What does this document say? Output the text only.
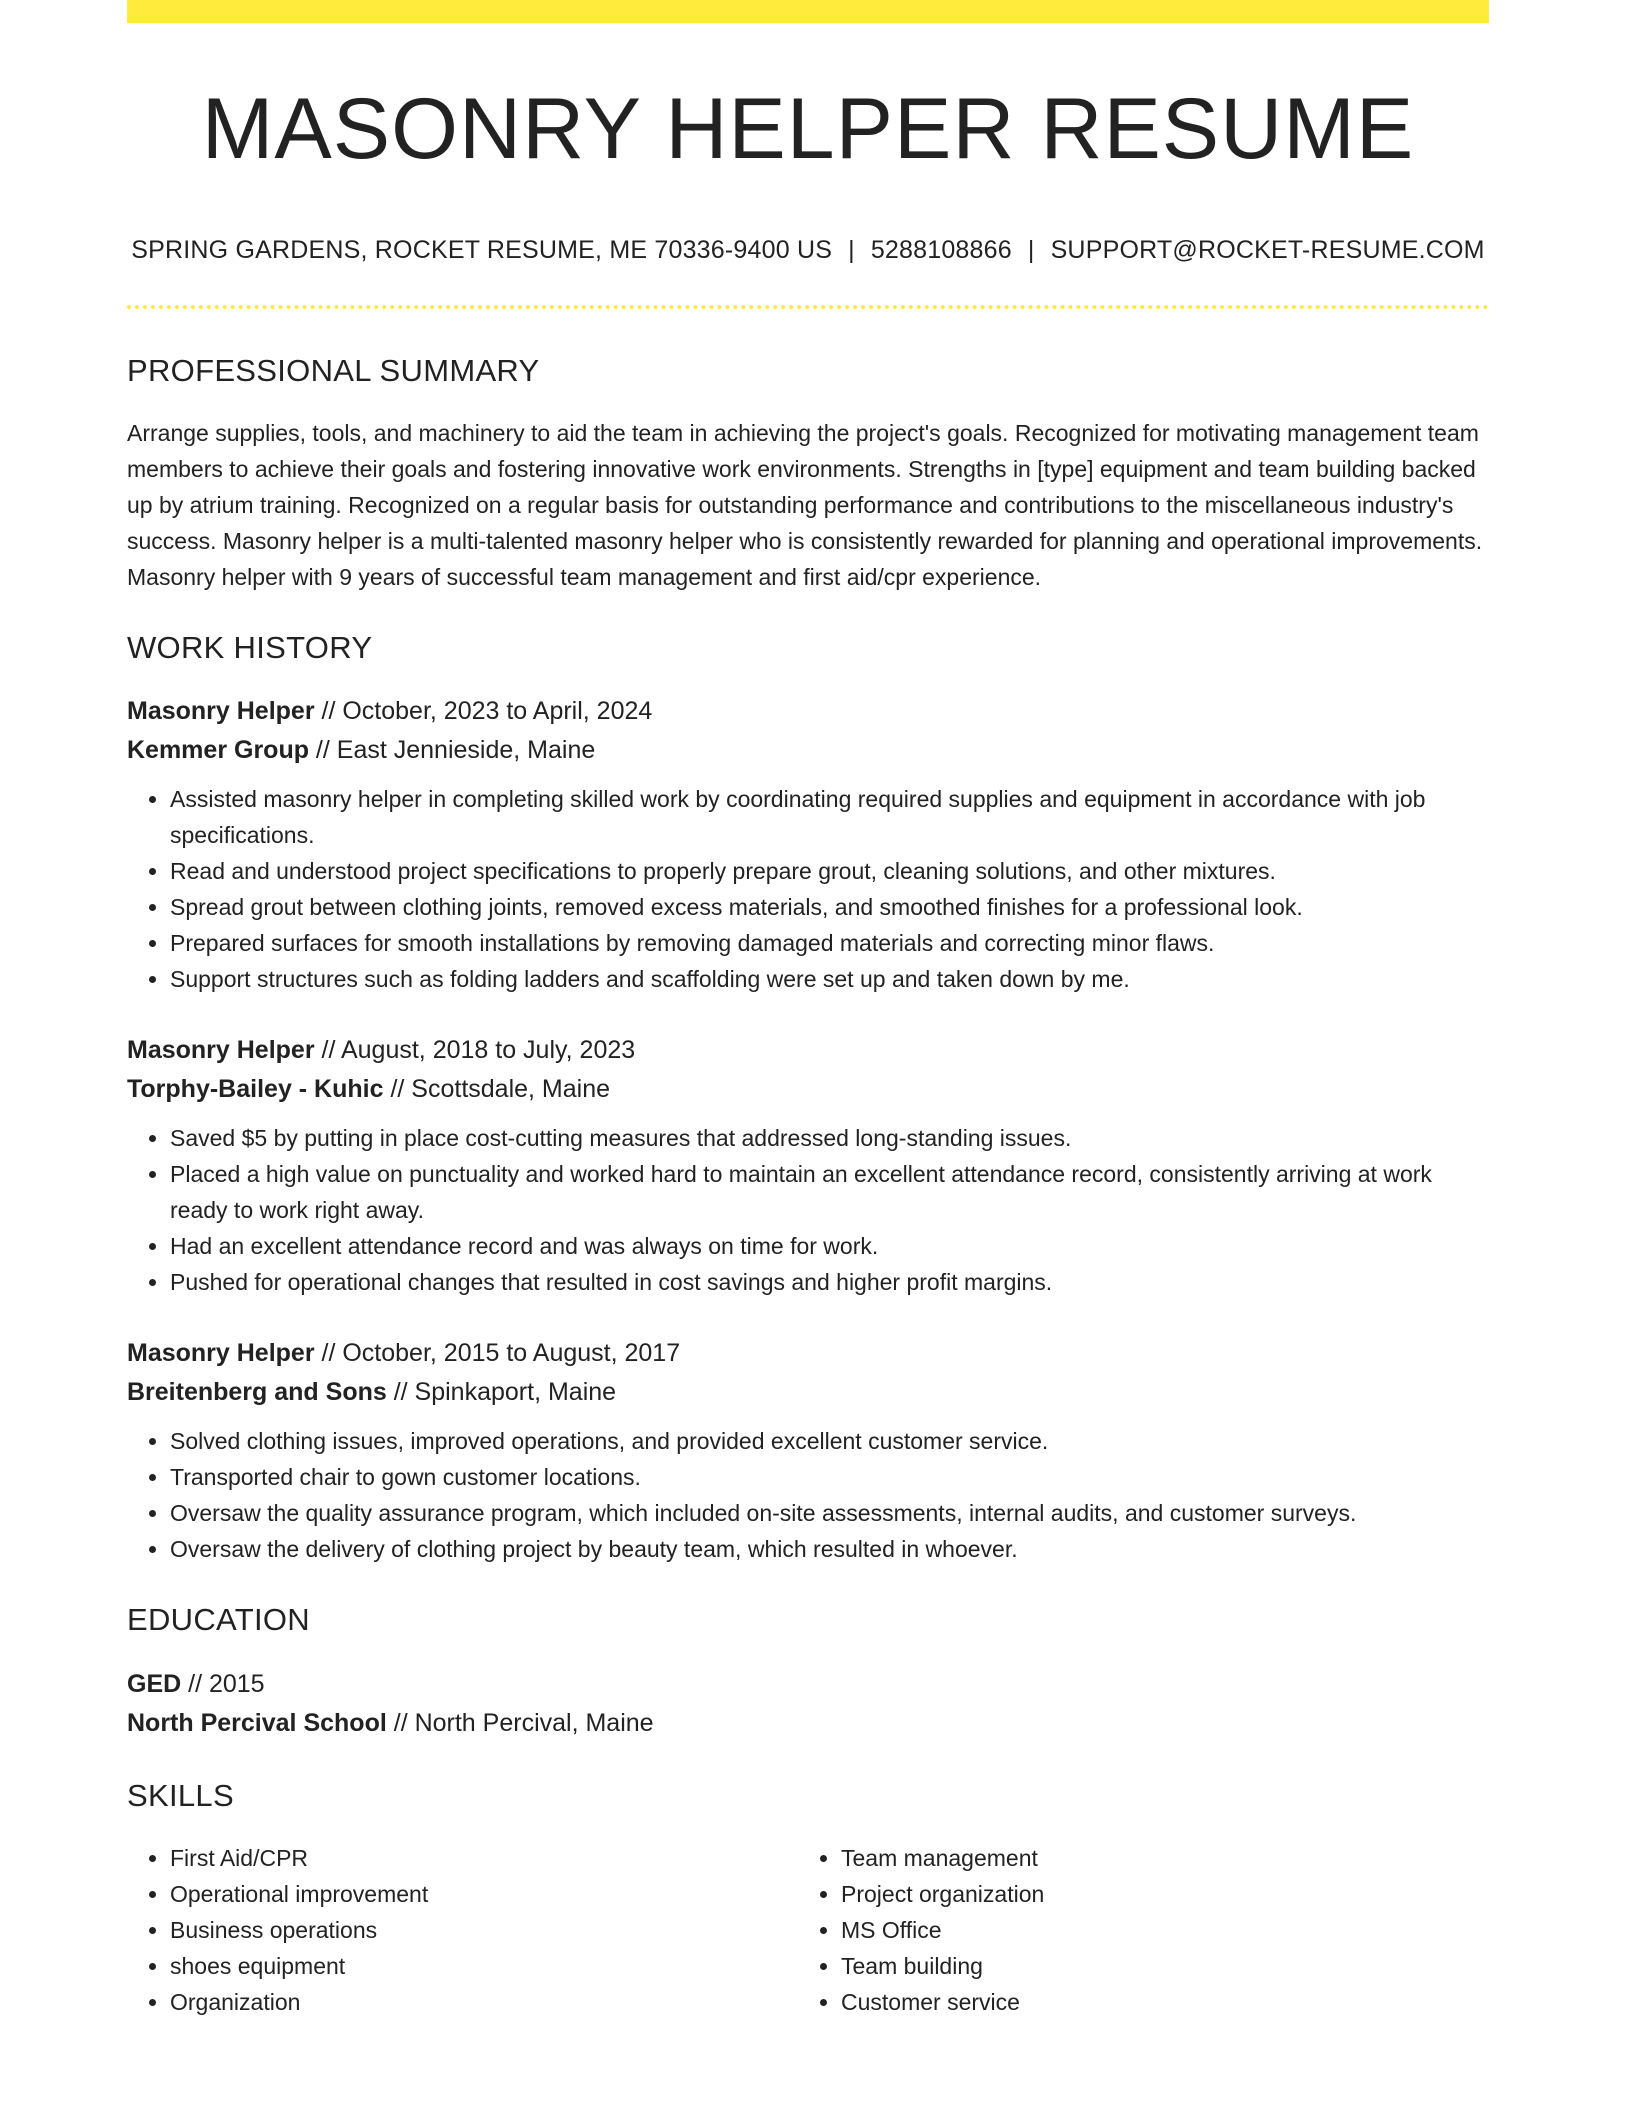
MASONRY HELPER RESUME
SPRING GARDENS, ROCKET RESUME, ME 70336-9400 US | 5288108866 | SUPPORT@ROCKET-RESUME.COM
PROFESSIONAL SUMMARY

Arrange supplies, tools, and machinery to aid the team in achieving the project's goals. Recognized for motivating management team members to achieve their goals and fostering innovative work environments. Strengths in [type] equipment and team building backed up by atrium training. Recognized on a regular basis for outstanding performance and contributions to the miscellaneous industry's success. Masonry helper is a multi-talented masonry helper who is consistently rewarded for planning and operational improvements. Masonry helper with 9 years of successful team management and first aid/cpr experience.

WORK HISTORY
Masonry Helper // October, 2023 to April, 2024
Kemmer Group // East Jennieside, Maine
• Assisted masonry helper in completing skilled work by coordinating required supplies and equipment in accordance with job specifications.
• Read and understood project specifications to properly prepare grout, cleaning solutions, and other mixtures.
• Spread grout between clothing joints, removed excess materials, and smoothed finishes for a professional look.
• Prepared surfaces for smooth installations by removing damaged materials and correcting minor flaws.
• Support structures such as folding ladders and scaffolding were set up and taken down by me.
Masonry Helper // August, 2018 to July, 2023
Torphy-Bailey - Kuhic // Scottsdale, Maine
• Saved $5 by putting in place cost-cutting measures that addressed long-standing issues.
• Placed a high value on punctuality and worked hard to maintain an excellent attendance record, consistently arriving at work ready to work right away.
• Had an excellent attendance record and was always on time for work.
• Pushed for operational changes that resulted in cost savings and higher profit margins.
Masonry Helper // October, 2015 to August, 2017
Breitenberg and Sons // Spinkaport, Maine
• Solved clothing issues, improved operations, and provided excellent customer service.
• Transported chair to gown customer locations.
• Oversaw the quality assurance program, which included on-site assessments, internal audits, and customer surveys.
• Oversaw the delivery of clothing project by beauty team, which resulted in whoever.
EDUCATION
GED // 2015
North Percival School // North Percival, Maine
SKILLS
• First Aid/CPR
• Operational improvement
• Business operations
• shoes equipment
• Organization
• Team management
• Project organization
• MS Office
• Team building
• Customer service
